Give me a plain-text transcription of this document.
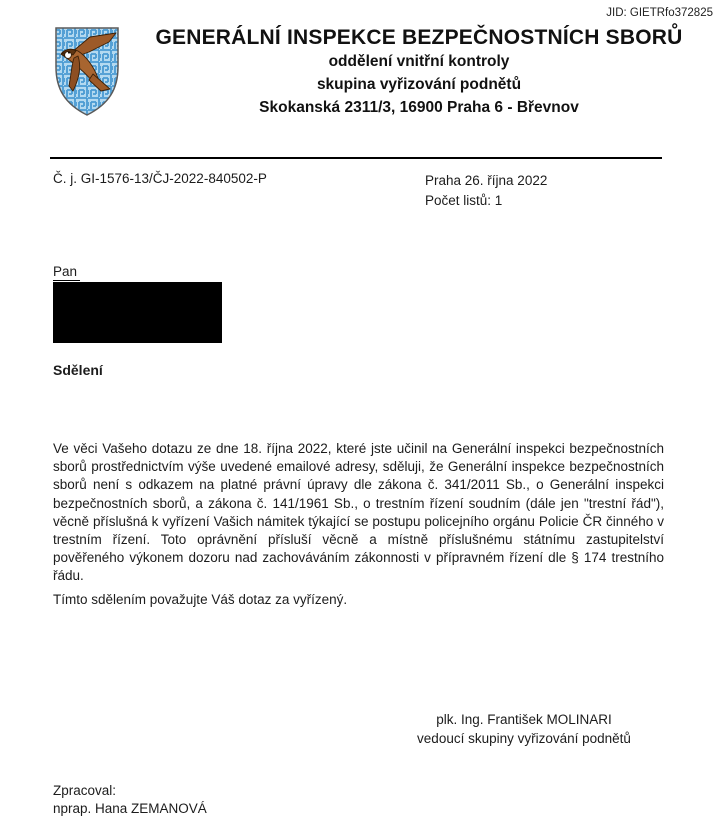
JID: GIETRfo372825
GENERÁLNÍ INSPEKCE BEZPEČNOSTNÍCH SBORŮ
oddělení vnitřní kontroly
skupina vyřizování podnětů
Skokanská 2311/3, 16900 Praha 6 - Břevnov
Č. j. GI-1576-13/ČJ-2022-840502-P	Praha 26. října 2022
Počet listů: 1
Pan
Sdělení
Ve věci Vašeho dotazu ze dne 18. října 2022, které jste učinil na Generální inspekci bezpečnostních sborů prostřednictvím výše uvedené emailové adresy, sděluji, že Generální inspekce bezpečnostních sborů není s odkazem na platné právní úpravy dle zákona č. 341/2011 Sb., o Generální inspekci bezpečnostních sborů, a zákona č. 141/1961 Sb., o trestním řízení soudním (dále jen "trestní řád"), věcně příslušná k vyřízení Vašich námitek týkající se postupu policejního orgánu Policie ČR činného v trestním řízení. Toto oprávnění přísluší věcně a místně příslušnému státnímu zastupitelství pověřeného výkonem dozoru nad zachováváním zákonnosti v přípravném řízení dle § 174 trestního řádu.
Tímto sdělením považujte Váš dotaz za vyřízený.
plk. Ing. František MOLINARI
vedoucí skupiny vyřizování podnětů
Zpracoval:
nprap. Hana ZEMANOVÁ
